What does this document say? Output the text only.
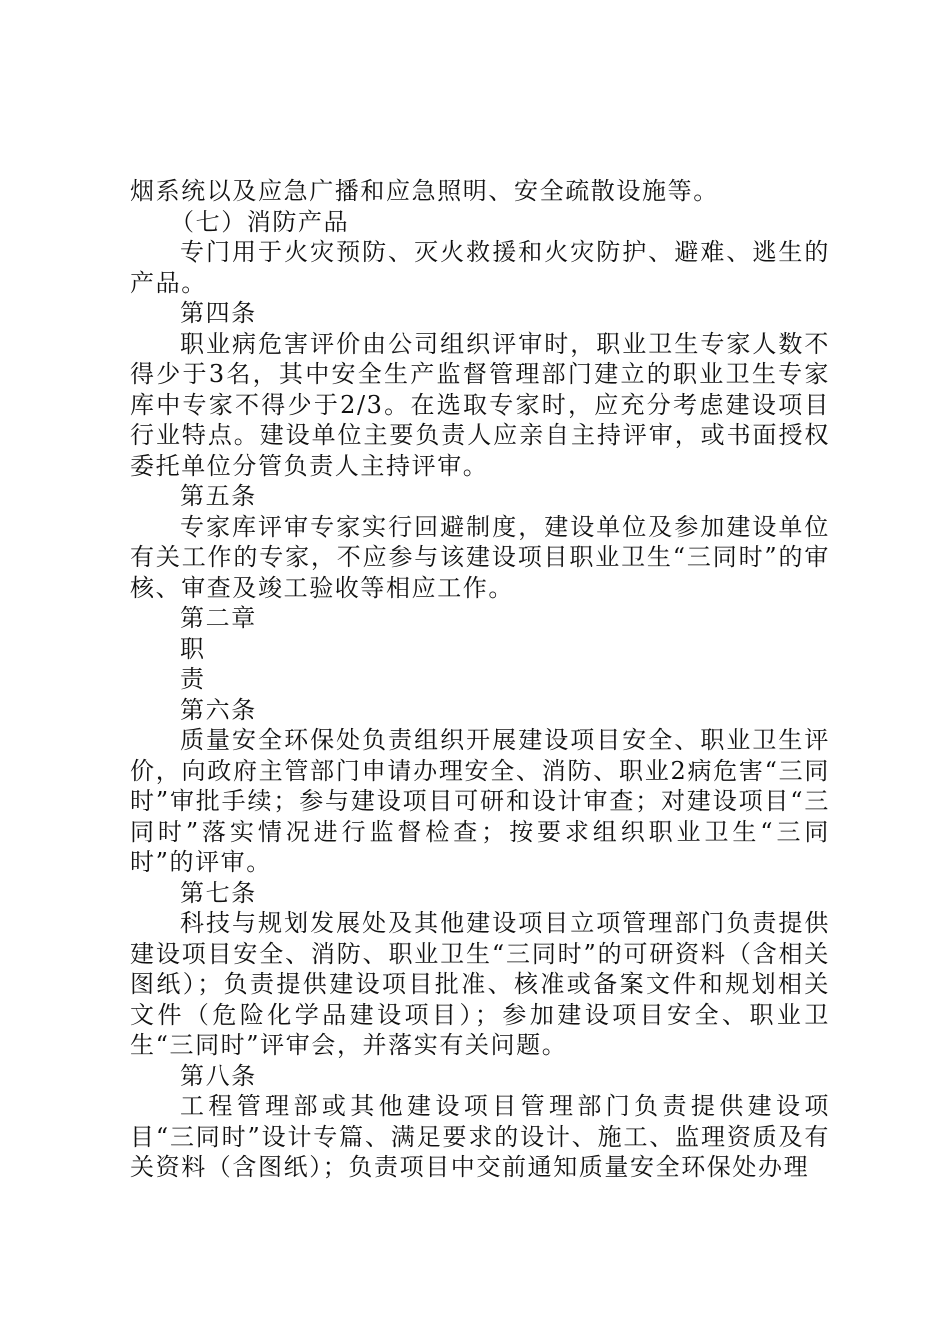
烟系统以及应急广播和应急照明、安全疏散设施等。

（七）消防产品

专门用于火灾预防、灭火救援和火灾防护、避难、逃生的产品。

第四条

职业病危害评价由公司组织评审时，职业卫生专家人数不得少于3名，其中安全生产监督管理部门建立的职业卫生专家库中专家不得少于2/3。在选取专家时，应充分考虑建设项目行业特点。建设单位主要负责人应亲自主持评审，或书面授权委托单位分管负责人主持评审。

第五条

专家库评审专家实行回避制度，建设单位及参加建设单位有关工作的专家，不应参与该建设项目职业卫生“三同时”的审核、审查及竣工验收等相应工作。

第二章

职

责

第六条

质量安全环保处负责组织开展建设项目安全、职业卫生评价，向政府主管部门申请办理安全、消防、职业2病危害“三同时”审批手续；参与建设项目可研和设计审查；对建设项目“三同时”落实情况进行监督检查；按要求组织职业卫生“三同时”的评审。

第七条

科技与规划发展处及其他建设项目立项管理部门负责提供建设项目安全、消防、职业卫生“三同时”的可研资料（含相关图纸）；负责提供建设项目批准、核准或备案文件和规划相关文件（危险化学品建设项目）；参加建设项目安全、职业卫生“三同时”评审会，并落实有关问题。

第八条

工程管理部或其他建设项目管理部门负责提供建设项目“三同时”设计专篇、满足要求的设计、施工、监理资质及有关资料（含图纸）；负责项目中交前通知质量安全环保处办理
